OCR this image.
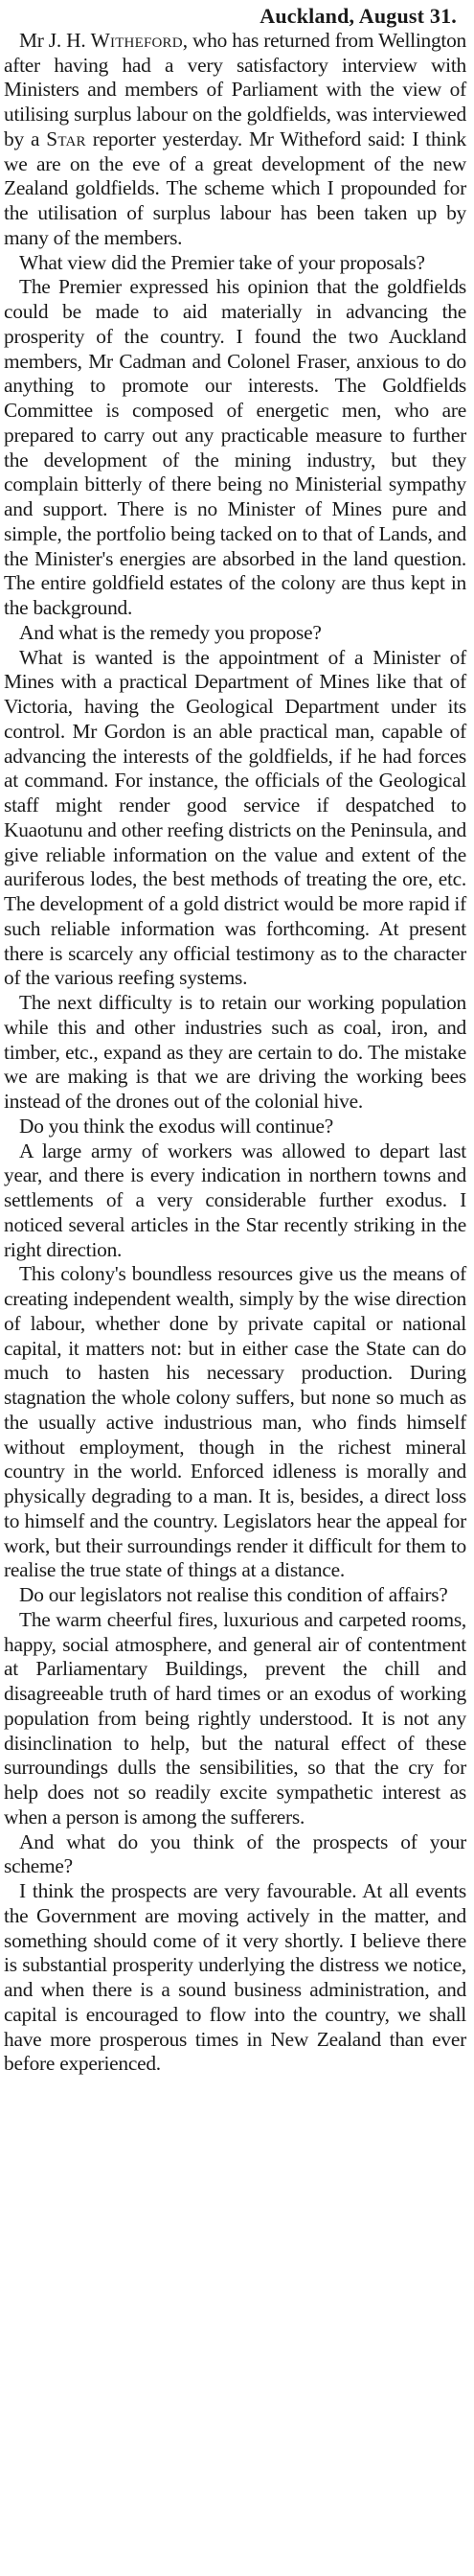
Auckland, August 31.

Mr J. H. Witheford, who has returned from Wellington after having had a very satisfactory interview with Ministers and members of Parliament with the view of utilising surplus labour on the goldfields, was interviewed by a Star reporter yesterday. Mr Witheford said: I think we are on the eve of a great development of the new Zealand goldfields. The scheme which I propounded for the utilisation of surplus labour has been taken up by many of the members.

What view did the Premier take of your proposals?

The Premier expressed his opinion that the goldfields could be made to aid materially in advancing the prosperity of the country. I found the two Auckland members, Mr Cadman and Colonel Fraser, anxious to do anything to promote our interests. The Goldfields Committee is composed of energetic men, who are prepared to carry out any practicable measure to further the development of the mining industry, but they complain bitterly of there being no Ministerial sympathy and support. There is no Minister of Mines pure and simple, the portfolio being tacked on to that of Lands, and the Minister's energies are absorbed in the land question. The entire goldfield estates of the colony are thus kept in the background.

And what is the remedy you propose?

What is wanted is the appointment of a Minister of Mines with a practical Department of Mines like that of Victoria, having the Geological Department under its control. Mr Gordon is an able practical man, capable of advancing the interests of the goldfields, if he had forces at command. For instance, the officials of the Geological staff might render good service if despatched to Kuaotunu and other reefing districts on the Peninsula, and give reliable information on the value and extent of the auriferous lodes, the best methods of treating the ore, etc. The development of a gold district would be more rapid if such reliable information was forthcoming. At present there is scarcely any official testimony as to the character of the various reefing systems.

The next difficulty is to retain our working population while this and other industries such as coal, iron, and timber, etc., expand as they are certain to do. The mistake we are making is that we are driving the working bees instead of the drones out of the colonial hive.

Do you think the exodus will continue?

A large army of workers was allowed to depart last year, and there is every indication in northern towns and settlements of a very considerable further exodus. I noticed several articles in the Star recently striking in the right direction.

This colony's boundless resources give us the means of creating independent wealth, simply by the wise direction of labour, whether done by private capital or national capital, it matters not: but in either case the State can do much to hasten his necessary production. During stagnation the whole colony suffers, but none so much as the usually active industrious man, who finds himself without employment, though in the richest mineral country in the world. Enforced idleness is morally and physically degrading to a man. It is, besides, a direct loss to himself and the country. Legislators hear the appeal for work, but their surroundings render it difficult for them to realise the true state of things at a distance.

Do our legislators not realise this condition of affairs?

The warm cheerful fires, luxurious and carpeted rooms, happy, social atmosphere, and general air of contentment at Parliamentary Buildings, prevent the chill and disagreeable truth of hard times or an exodus of working population from being rightly understood. It is not any disinclination to help, but the natural effect of these surroundings dulls the sensibilities, so that the cry for help does not so readily excite sympathetic interest as when a person is among the sufferers.

And what do you think of the prospects of your scheme?

I think the prospects are very favourable. At all events the Government are moving actively in the matter, and something should come of it very shortly. I believe there is substantial prosperity underlying the distress we notice, and when there is a sound business administration, and capital is encouraged to flow into the country, we shall have more prosperous times in New Zealand than ever before experienced.
